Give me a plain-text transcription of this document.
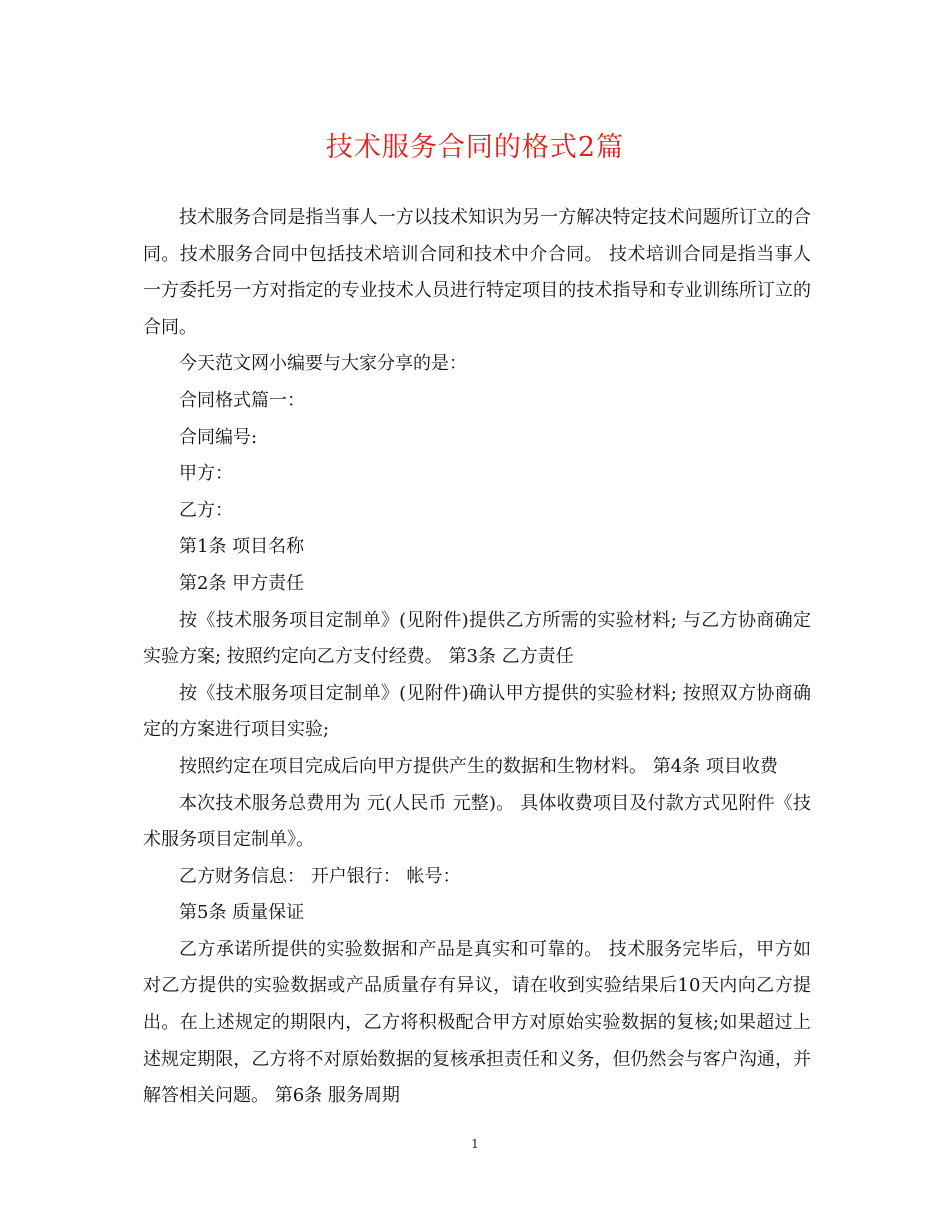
技术服务合同的格式2篇

技术服务合同是指当事人一方以技术知识为另一方解决特定技术问题所订立的合同。技术服务合同中包括技术培训合同和技术中介合同。 技术培训合同是指当事人一方委托另一方对指定的专业技术人员进行特定项目的技术指导和专业训练所订立的合同。

今天范文网小编要与大家分享的是：

合同格式篇一：

合同编号:

甲方：

乙方：

第1条 项目名称

第2条 甲方责任

按《技术服务项目定制单》(见附件)提供乙方所需的实验材料; 与乙方协商确定实验方案; 按照约定向乙方支付经费。 第3条 乙方责任

按《技术服务项目定制单》(见附件)确认甲方提供的实验材料; 按照双方协商确定的方案进行项目实验;

按照约定在项目完成后向甲方提供产生的数据和生物材料。 第4条 项目收费

本次技术服务总费用为 元(人民币 元整)。 具体收费项目及付款方式见附件《技术服务项目定制单》。

乙方财务信息： 开户银行： 帐号：

第5条 质量保证

乙方承诺所提供的实验数据和产品是真实和可靠的。 技术服务完毕后，甲方如对乙方提供的实验数据或产品质量存有异议，请在收到实验结果后10天内向乙方提出。在上述规定的期限内，乙方将积极配合甲方对原始实验数据的复核;如果超过上述规定期限，乙方将不对原始数据的复核承担责任和义务，但仍然会与客户沟通，并解答相关问题。 第6条 服务周期

1
